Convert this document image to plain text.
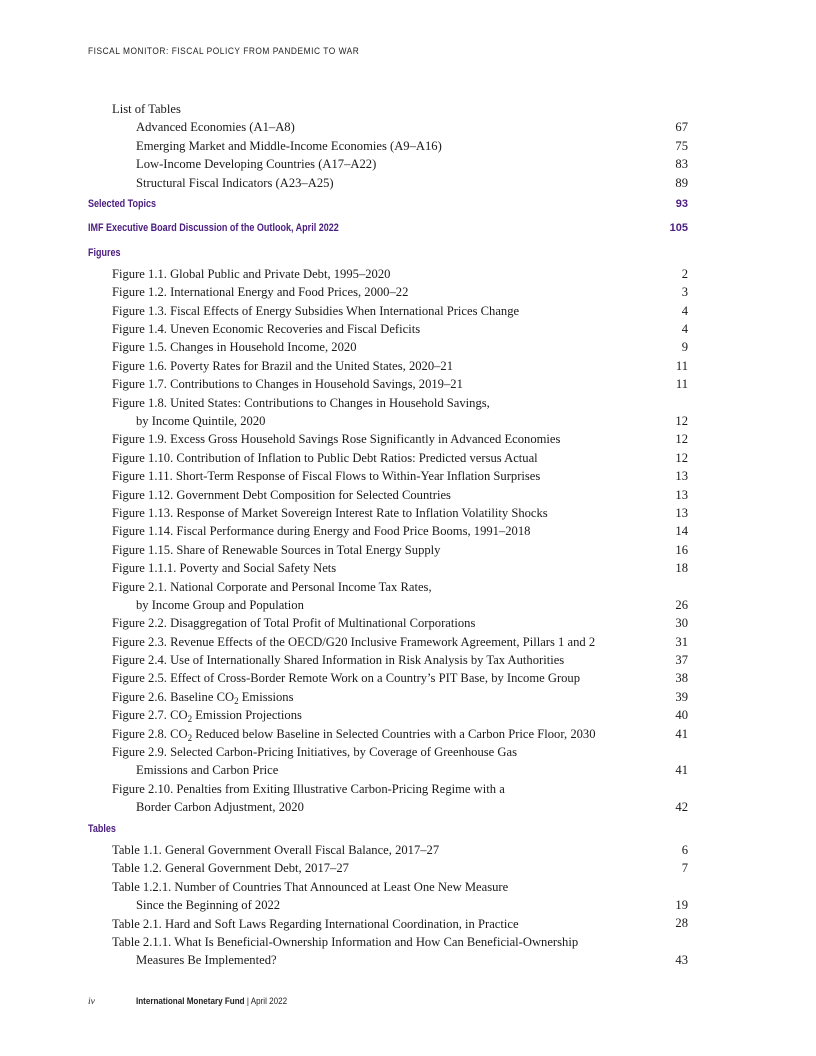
FISCAL MONITOR: FISCAL POLICY FROM PANDEMIC TO WAR
List of Tables
Advanced Economies (A1–A8)	67
Emerging Market and Middle-Income Economies (A9–A16)	75
Low-Income Developing Countries (A17–A22)	83
Structural Fiscal Indicators (A23–A25)	89
Selected Topics	93
IMF Executive Board Discussion of the Outlook, April 2022	105
Figures
Figure 1.1. Global Public and Private Debt, 1995–2020	2
Figure 1.2. International Energy and Food Prices, 2000–22	3
Figure 1.3. Fiscal Effects of Energy Subsidies When International Prices Change	4
Figure 1.4. Uneven Economic Recoveries and Fiscal Deficits	4
Figure 1.5. Changes in Household Income, 2020	9
Figure 1.6. Poverty Rates for Brazil and the United States, 2020–21	11
Figure 1.7. Contributions to Changes in Household Savings, 2019–21	11
Figure 1.8. United States: Contributions to Changes in Household Savings,
by Income Quintile, 2020	12
Figure 1.9. Excess Gross Household Savings Rose Significantly in Advanced Economies	12
Figure 1.10. Contribution of Inflation to Public Debt Ratios: Predicted versus Actual	12
Figure 1.11. Short-Term Response of Fiscal Flows to Within-Year Inflation Surprises	13
Figure 1.12. Government Debt Composition for Selected Countries	13
Figure 1.13. Response of Market Sovereign Interest Rate to Inflation Volatility Shocks	13
Figure 1.14. Fiscal Performance during Energy and Food Price Booms, 1991–2018	14
Figure 1.15. Share of Renewable Sources in Total Energy Supply	16
Figure 1.1.1. Poverty and Social Safety Nets	18
Figure 2.1. National Corporate and Personal Income Tax Rates,
by Income Group and Population	26
Figure 2.2. Disaggregation of Total Profit of Multinational Corporations	30
Figure 2.3. Revenue Effects of the OECD/G20 Inclusive Framework Agreement, Pillars 1 and 2	31
Figure 2.4. Use of Internationally Shared Information in Risk Analysis by Tax Authorities	37
Figure 2.5. Effect of Cross-Border Remote Work on a Country’s PIT Base, by Income Group	38
Figure 2.6. Baseline $CO_2$ Emissions	39
Figure 2.7. $CO_2$ Emission Projections	40
Figure 2.8. $CO_2$ Reduced below Baseline in Selected Countries with a Carbon Price Floor, 2030	41
Figure 2.9. Selected Carbon-Pricing Initiatives, by Coverage of Greenhouse Gas
Emissions and Carbon Price	41
Figure 2.10. Penalties from Exiting Illustrative Carbon-Pricing Regime with a
Border Carbon Adjustment, 2020	42
Tables
Table 1.1. General Government Overall Fiscal Balance, 2017–27	6
Table 1.2. General Government Debt, 2017–27	7
Table 1.2.1. Number of Countries That Announced at Least One New Measure
Since the Beginning of 2022	19
Table 2.1. Hard and Soft Laws Regarding International Coordination, in Practice	28
Table 2.1.1. What Is Beneficial-Ownership Information and How Can Beneficial-Ownership
Measures Be Implemented?	43
iv	International Monetary Fund | April 2022
